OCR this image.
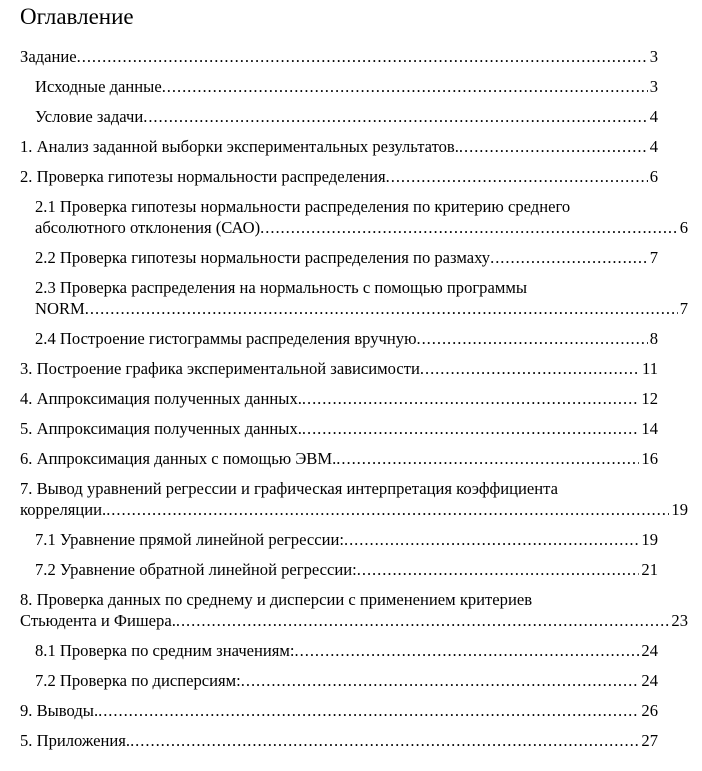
Оглавление
Задание . . .	3
Исходные данные . . .	3
Условие задачи . . .	4
1. Анализ заданной выборки экспериментальных результатов. . . .	4
2. Проверка гипотезы нормальности распределения . . .	6
2.1 Проверка гипотезы нормальности распределения по критерию среднего
абсолютного отклонения (САО) . . .	6
2.2 Проверка гипотезы нормальности распределения по размаху . . .	7
2.3 Проверка распределения на нормальность с помощью программы
NORM . . .	7
2.4 Построение гистограммы распределения вручную . . .	8
3. Построение графика экспериментальной зависимости . . .	11
4. Аппроксимация полученных данных. . . .	12
5. Аппроксимация полученных данных. . . .	14
6. Аппроксимация данных с помощью ЭВМ. . . .	16
7. Вывод уравнений регрессии и графическая интерпретация коэффициента
корреляции. . . .	19
7.1 Уравнение прямой линейной регрессии: . . .	19
7.2 Уравнение обратной линейной регрессии: . . .	21
8. Проверка данных по среднему и дисперсии с применением критериев
Стьюдента и Фишера. . . .	23
8.1 Проверка по средним значениям: . . .	24
7.2 Проверка по дисперсиям: . . .	24
9. Выводы. . . .	26
5. Приложения. . . .	27
